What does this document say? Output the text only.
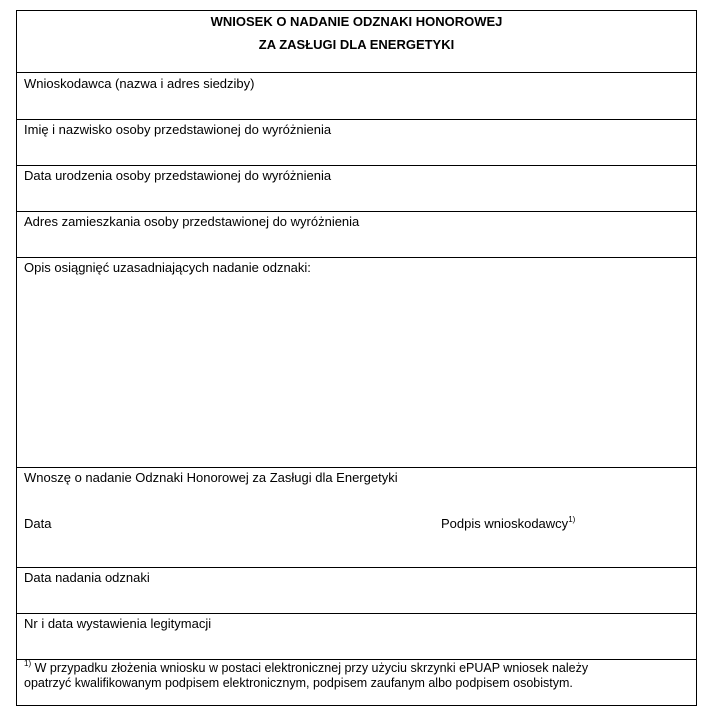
WNIOSEK O NADANIE ODZNAKI HONOROWEJ
ZA ZASŁUGI DLA ENERGETYKI
Wnioskodawca (nazwa i adres siedziby)
Imię i nazwisko osoby przedstawionej do wyróżnienia
Data urodzenia osoby przedstawionej do wyróżnienia
Adres zamieszkania osoby przedstawionej do wyróżnienia
Opis osiągnięć uzasadniających nadanie odznaki:
Wnoszę o nadanie Odznaki Honorowej za Zasługi dla Energetyki
Data	Podpis wnioskodawcy$^{1)}$
Data nadania odznaki
Nr i data wystawienia legitymacji
$^{1)}$ W przypadku złożenia wniosku w postaci elektronicznej przy użyciu skrzynki ePUAP wniosek należy
opatrzyć kwalifikowanym podpisem elektronicznym, podpisem zaufanym albo podpisem osobistym.
